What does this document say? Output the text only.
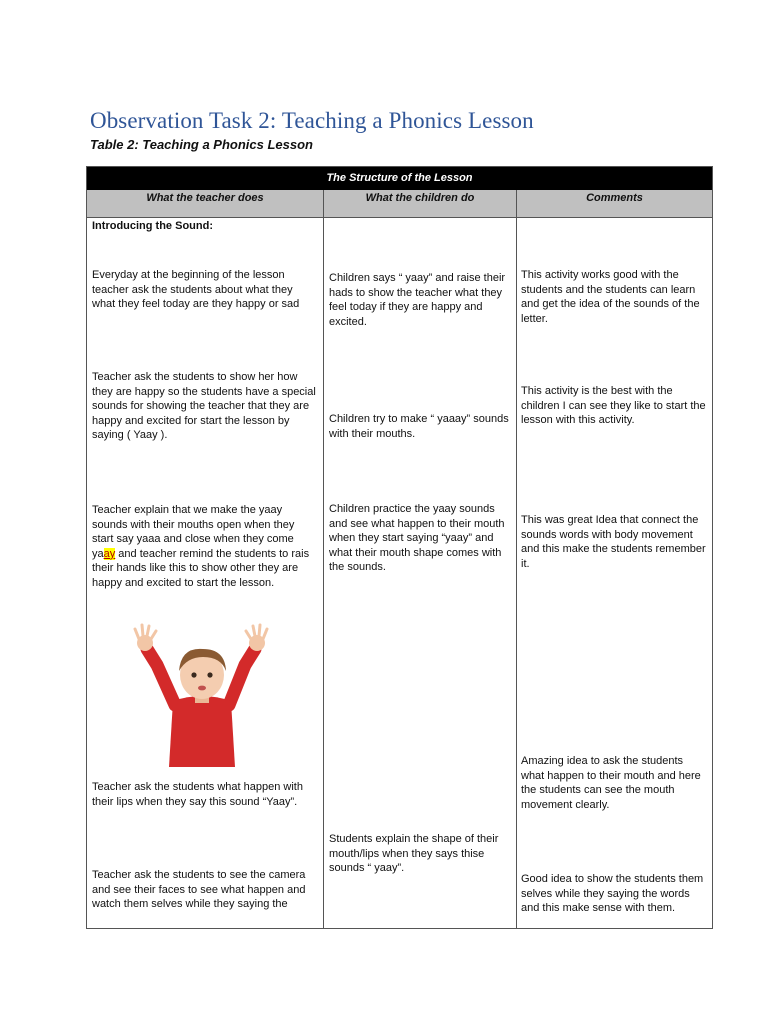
Observation Task 2: Teaching a Phonics Lesson
Table 2: Teaching a Phonics Lesson
The Structure of the Lesson
What the teacher does	What the children do	Comments

Introducing the Sound:

Everyday at the beginning of the lesson teacher ask the students about what they what they feel today are they happy or sad

Teacher ask the students to show her how they are happy so the students have a special sounds for showing the teacher that they are happy and excited for start the lesson by saying ( Yaay ).

Teacher explain that we make the yaay sounds with their mouths open when they start say yaaa and close when they come yaay and teacher remind the students to rais their hands like this to show other they are happy and excited to start the lesson.

Teacher ask the students what happen with their lips when they say this sound “Yaay”.

Teacher ask the students to see the camera and see their faces to see what happen and watch them selves while they saying the

Children says “ yaay” and raise their hads to show the teacher what they feel today if they are happy and excited.

Children try to make “ yaaay” sounds with their mouths.

Children practice the yaay sounds and see what happen to their mouth when they start saying “yaay” and what their mouth shape comes with the sounds.

Students explain the shape of their mouth/lips when they says thise sounds “ yaay”.

This activity works good with the students and the students can learn and get the idea of the sounds of the letter.

This activity is the best with the children I can see they like to start the lesson with this activity.

This was great Idea that connect the sounds words with body movement and this make the students remember it.

Amazing idea to ask the students what happen to their mouth and here the students can see the mouth movement clearly.

Good idea to show the students them selves while they saying the words and this make sense with them.
